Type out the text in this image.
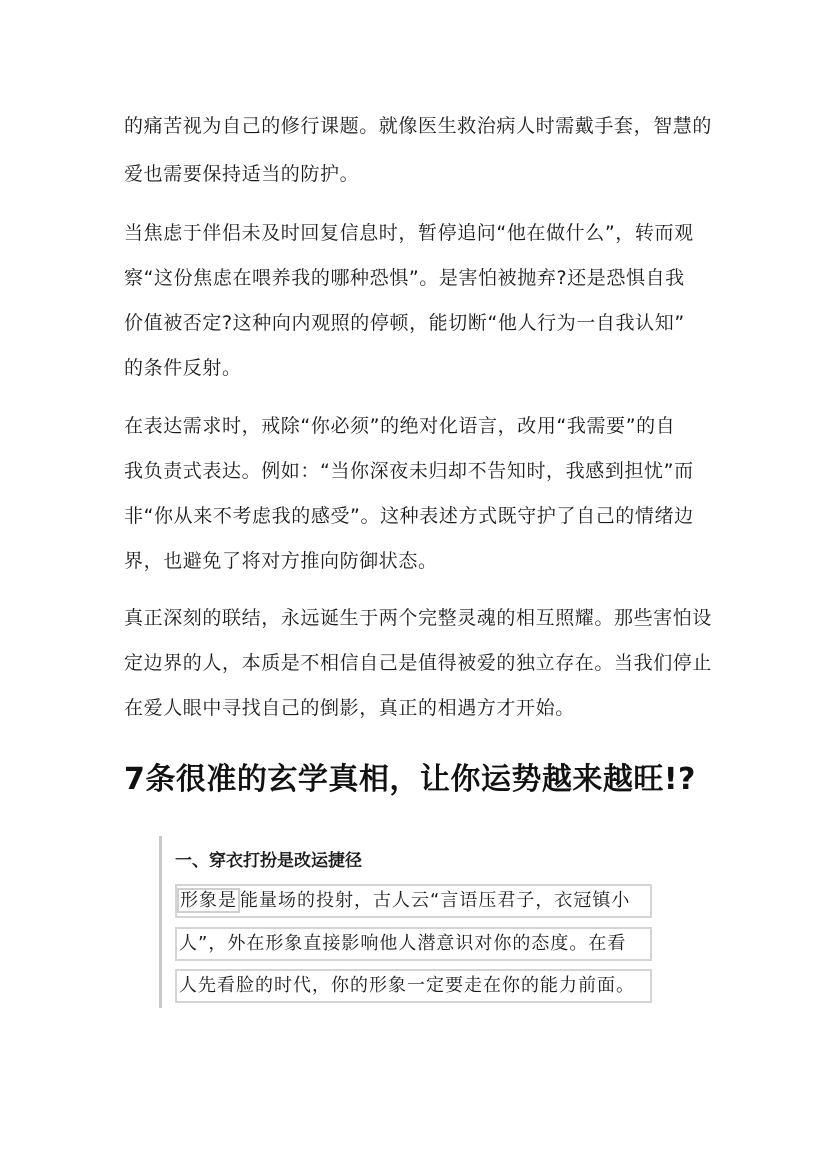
的痛苦视为自己的修行课题。就像医生救治病人时需戴手套，智慧的
爱也需要保持适当的防护。
当焦虑于伴侣未及时回复信息时，暂停追问“他在做什么”，转而观
察“这份焦虑在喂养我的哪种恐惧”。是害怕被抛弃?还是恐惧自我
价值被否定?这种向内观照的停顿，能切断“他人行为一自我认知”
的条件反射。
在表达需求时，戒除“你必须”的绝对化语言，改用“我需要”的自
我负责式表达。例如：“当你深夜未归却不告知时，我感到担忧”而
非“你从来不考虑我的感受”。这种表述方式既守护了自己的情绪边
界，也避免了将对方推向防御状态。
真正深刻的联结，永远诞生于两个完整灵魂的相互照耀。那些害怕设
定边界的人，本质是不相信自己是值得被爱的独立存在。当我们停止
在爱人眼中寻找自己的倒影，真正的相遇方才开始。
7条很准的玄学真相，让你运势越来越旺!?
一、穿衣打扮是改运捷径
形象是 能量场的投射，古人云“言语压君子，衣冠镇小
人”，外在形象直接影响他人潜意识对你的态度。在看
人先看脸的时代，你的形象一定要走在你的能力前面。
